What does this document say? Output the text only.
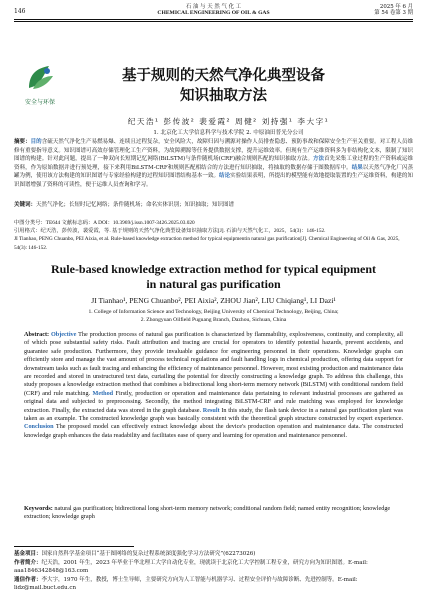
146
石 油 与 天 然 气 化 工
CHEMICAL ENGINEERING OF OIL & GAS
2025 年 6 月
第 54 卷第 3 期
安全与环保
基于规则的天然气净化典型设备
知识抽取方法
纪天浩¹ 彭传波² 裴爱霞² 周健² 刘持强¹ 李大字¹
1. 北京化工大学信息科学与技术学院 2. 中原油田普光分公司
摘要：目的含硫天然气净化生产易燃易爆、连续且过程复杂，安全风险大，故障归因与溯源对操作人员排查隐患、预防事故和保障安全生产至关重要。对工程人员维修有重要指导意义。知识图谱可高效存储管理化工生产资料，为故障溯源等任务提供数据支撑，提升运维效率。但现有生产运维资料多为非结构化文本，限制了知识图谱的构建。针对此问题，提出了一种双向长短期记忆网络(BiLSTM)与条件随机场(CRF)融合规则匹配的知识抽取方法。方法首先采集工业过程的生产资料或运维资料，作为原始数据并进行预处理，接下来利用BiLSTM-CRF和规则匹配相结合的方法进行知识抽取，将抽取的数据存储于图数据库中。结果以天然气净化厂闪蒸罐为例，使用该方法构建的知识图谱与专家经验构建的过程知识图谱结构基本一致。结论实验结果表明，所提出的模型能有效地提取装置的生产运维资料，构建的知识图谱增强了资料的可读性，便于运维人员查询和学习。
关键词：天然气净化；长短时记忆网络；条件随机场；命名实体识别；知识抽取；知识图谱
中图分类号：TE644 文献标志码：A DOI：10.3969/j.issn.1007-3426.2025.03.020
引用格式：纪天浩，彭传波，裴爱霞，等. 基于规则的天然气净化典型设备知识抽取方法[J]. 石油与天然气化工，2025，54(3)：146-152.
JI Tianhao, PENG Chuanbo, PEI Aixia, et al. Rule-based knowledge extraction method for typical equipmentin natural gas purification[J]. Chemical Engineering of Oil & Gas, 2025, 54(3): 146-152.
Rule-based knowledge extraction method for typical equipment
in natural gas purification
JI Tianhao¹, PENG Chuanbo², PEI Aixia², ZHOU Jian², LIU Chiqiang¹, LI Dazi¹
1. College of Information Science and Technology, Beijing University of Chemical Technology, Beijing, China;
2. Zhongyuan Oilfield Puguang Branch, Dazhou, Sichuan, China
Abstract: Objective The production process of natural gas purification is characterized by flammability, explosiveness, continuity, and complexity, all of which pose substantial safety risks. Fault attribution and tracing are crucial for operators to identify potential hazards, prevent accidents, and guarantee safe production. Furthermore, they provide invaluable guidance for engineering personnel in their operations. Knowledge graphs can efficiently store and manage the vast amount of process technical regulations and fault handling logs in chemical production, offering data support for downstream tasks such as fault tracing and enhancing the efficiency of maintenance personnel. However, most existing production and maintenance data are recorded and stored in unstructured text data, curtailing the potential for directly constructing a knowledge graph. To address this challenge, this study proposes a knowledge extraction method that combines a bidirectional long short-term memory network (BiLSTM) with conditional random field (CRF) and rule matching. Method Firstly, production or operation and maintenance data pertaining to relevant industrial processes are gathered as original data and subjected to preprocessing. Secondly, the method integrating BiLSTM-CRF and rule matching was employed for knowledge extraction. Finally, the extracted data was stored in the graph database. Result In this study, the flash tank device in a natural gas purification plant was taken as an example. The constructed knowledge graph was basically consistent with the theoretical graph structure constructed by expert experience. Conclusion The proposed model can effectively extract knowledge about the device's production operation and maintenance data. The constructed knowledge graph enhances the data readability and facilitates ease of query and learning for operation and maintenance personnel.
Keywords: natural gas purification; bidirectional long short-term memory network; conditional random field; named entity recognition; knowledge extraction; knowledge graph
基金项目：国家自然科学基金项目“基于图网络的复杂过程系统深度强化学习方法研究”(62273026)
作者简介：纪天浩，2001 年生，2023 年毕业于华北理工大学自动化专业，现就读于北京化工大学控制工程专业，研究方向为知识图谱。E-mail: aaa1846342848@163.com
通信作者：李大字，1970 年生，教授，博士生导师，主要研究方向为人工智能与机器学习、过程安全评价与故障诊断、先进控制等。E-mail: lidz@mail.buct.edu.cn
